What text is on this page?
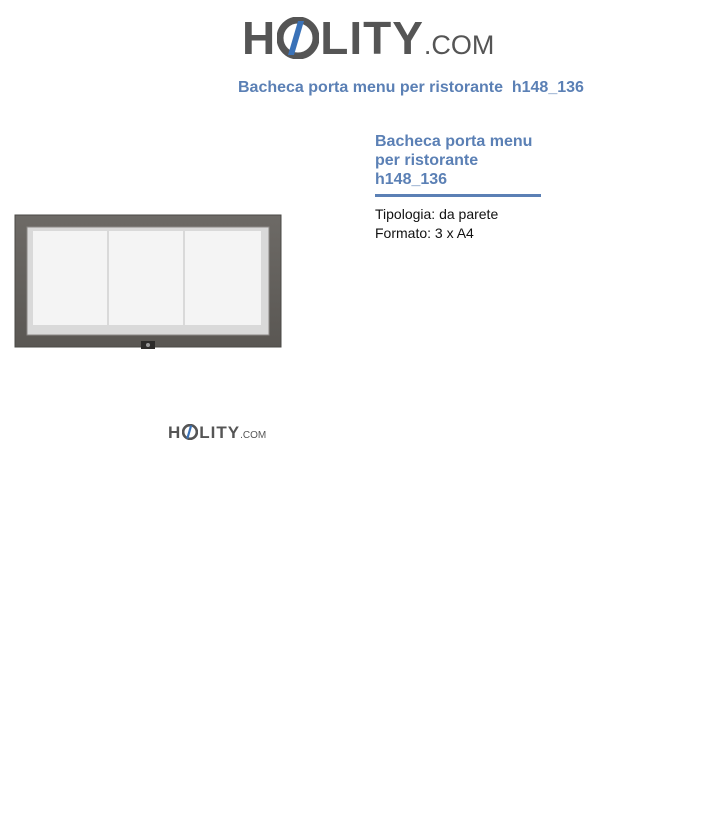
H LITY .COM
Bacheca porta menu per ristorante  h148_136
H LITY .COM
Bacheca porta menu
per ristorante
h148_136
Tipologia: da parete
Formato: 3 x A4
